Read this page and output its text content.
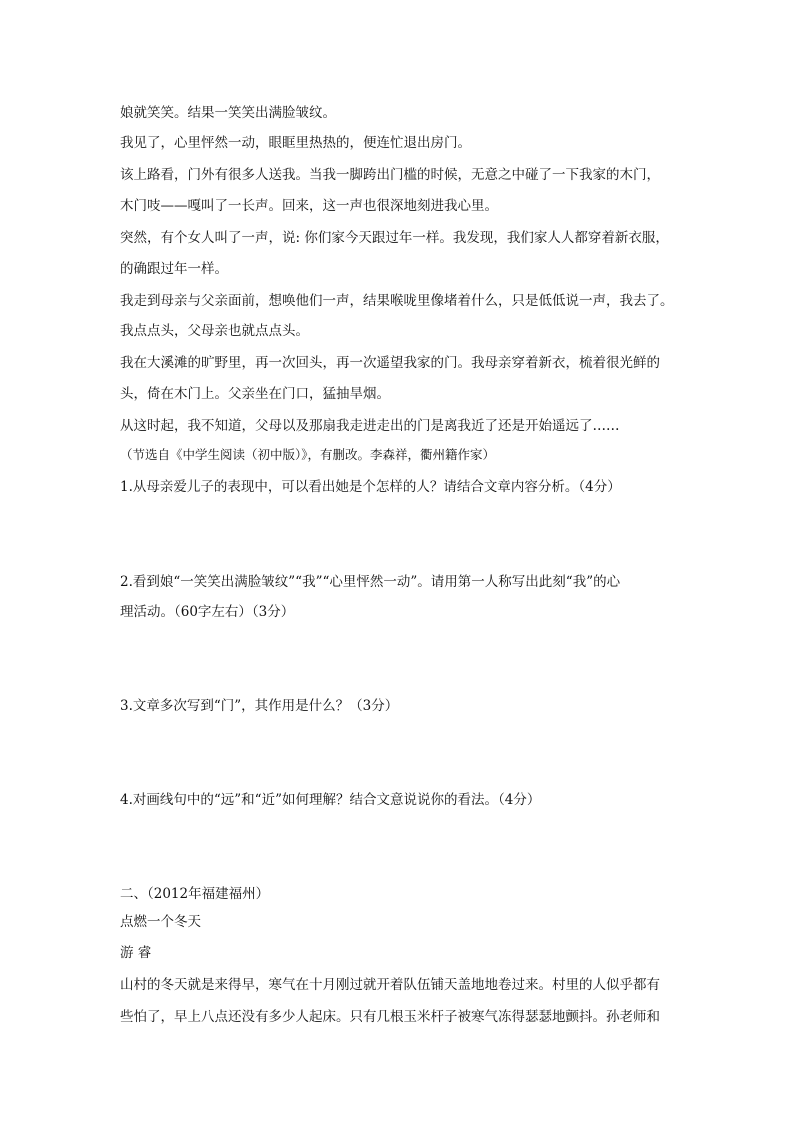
娘就笑笑。结果一笑笑出满脸皱纹。
我见了，心里怦然一动，眼眶里热热的，便连忙退出房门。
该上路看，门外有很多人送我。当我一脚跨出门槛的时候，无意之中碰了一下我家的木门，
木门吱——嘎叫了一长声。回来，这一声也很深地刻进我心里。
突然，有个女人叫了一声，说: 你们家今天跟过年一样。我发现，我们家人人都穿着新衣服，
的确跟过年一样。
我走到母亲与父亲面前，想唤他们一声，结果喉咙里像堵着什么，只是低低说一声，我去了。
我点点头，父母亲也就点点头。
我在大溪滩的旷野里，再一次回头，再一次遥望我家的门。我母亲穿着新衣，梳着很光鲜的
头，倚在木门上。父亲坐在门口，猛抽旱烟。
从这时起，我不知道，父母以及那扇我走进走出的门是离我近了还是开始遥远了……
（节选自《中学生阅读（初中版）》，有删改。李森祥，衢州籍作家）
1.从母亲爱儿子的表现中，可以看出她是个怎样的人？请结合文章内容分析。（4分）
2.看到娘“一笑笑出满脸皱纹”“我”“心里怦然一动”。请用第一人称写出此刻“我”的心
理活动。（60字左右）（3分）
3.文章多次写到“门”，其作用是什么？（3分）
4.对画线句中的“远”和“近”如何理解？结合文意说说你的看法。（4分）
二、（2012年福建福州）
点燃一个冬天
游 睿
山村的冬天就是来得早，寒气在十月刚过就开着队伍铺天盖地地卷过来。村里的人似乎都有
些怕了，早上八点还没有多少人起床。只有几根玉米杆子被寒气冻得瑟瑟地颤抖。孙老师和
